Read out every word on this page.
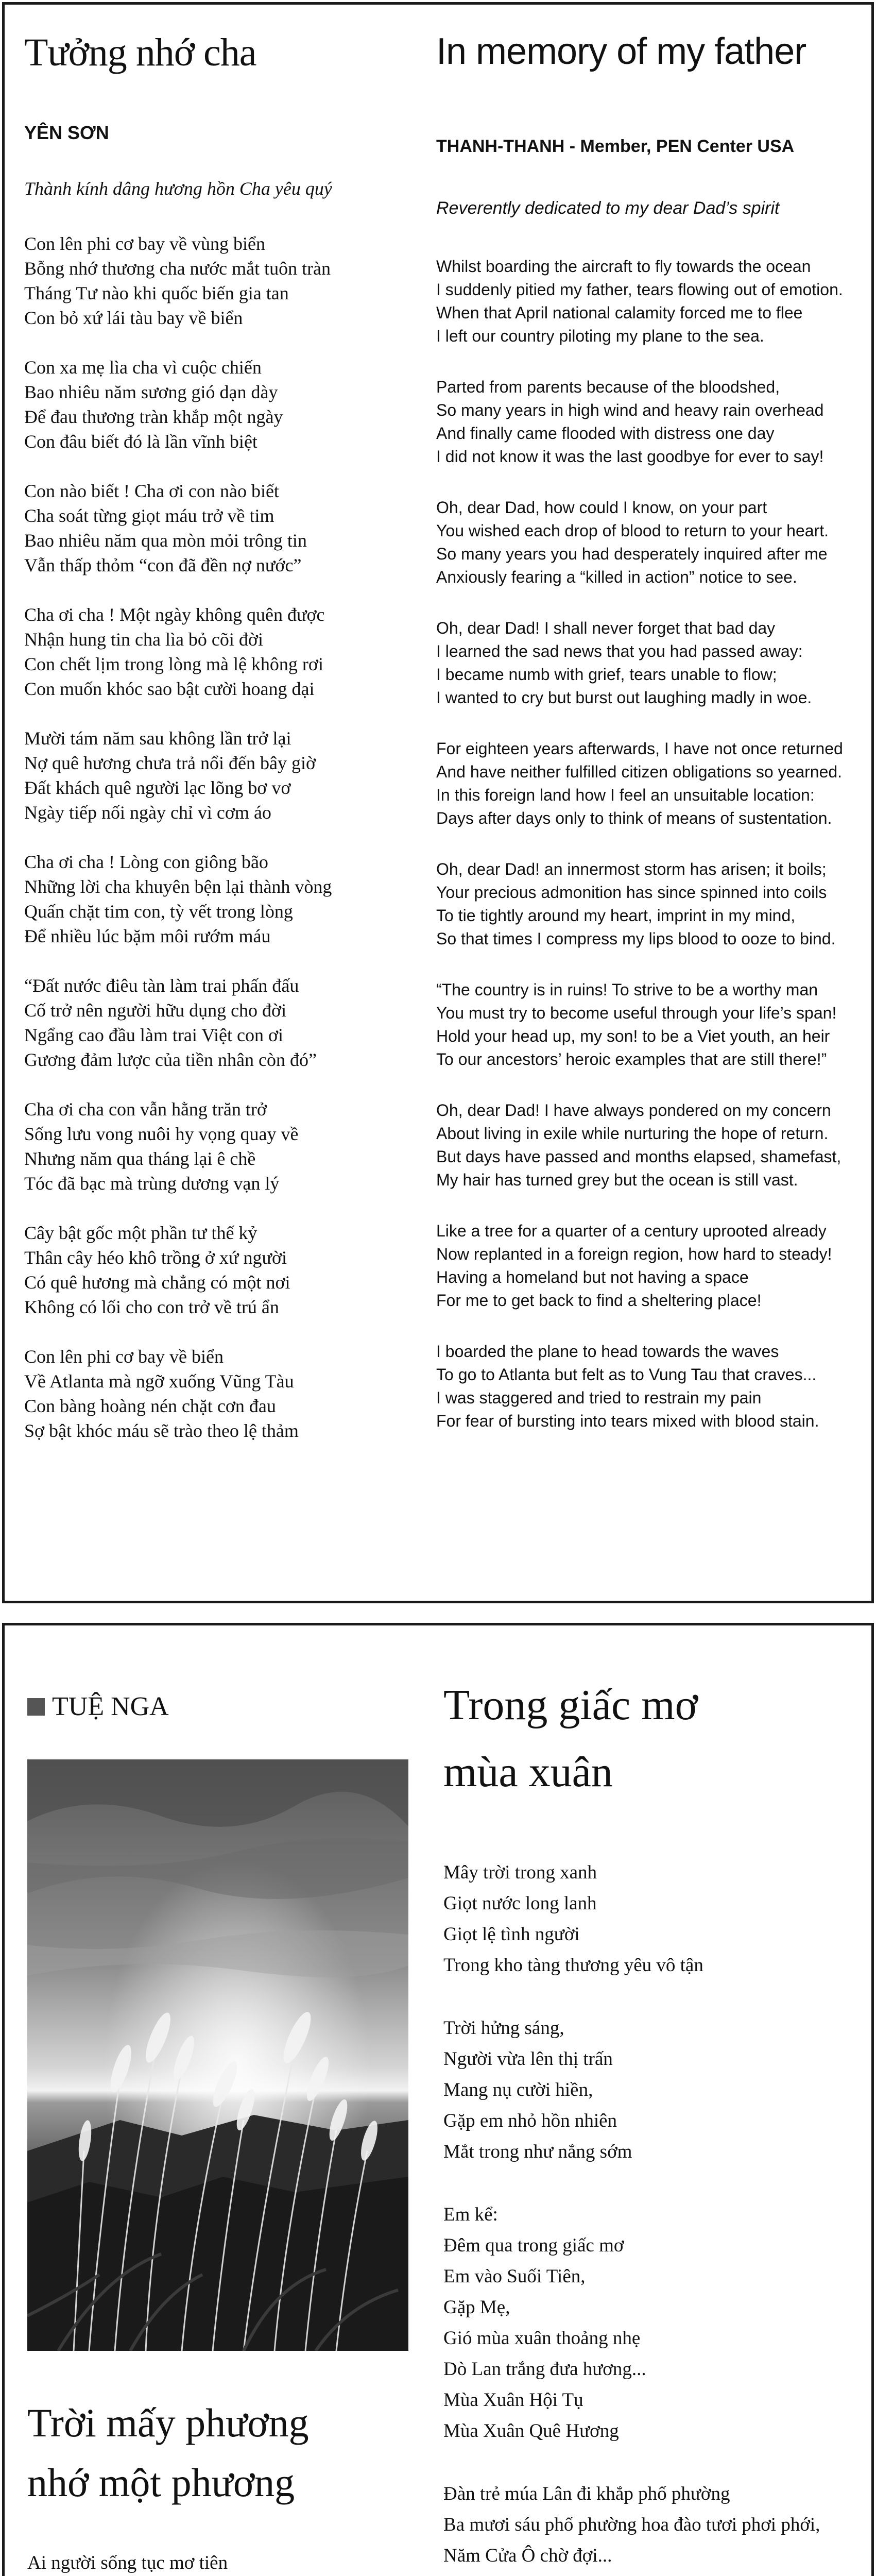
Tưởng nhớ cha
YÊN SƠN
Thành kính dâng hương hồn Cha yêu quý
Con lên phi cơ bay về vùng biển
Bỗng nhớ thương cha nước mắt tuôn tràn
Tháng Tư nào khi quốc biến gia tan
Con bỏ xứ lái tàu bay về biển
Con xa mẹ lìa cha vì cuộc chiến
Bao nhiêu năm sương gió dạn dày
Để đau thương tràn khắp một ngày
Con đâu biết đó là lần vĩnh biệt
Con nào biết ! Cha ơi con nào biết
Cha soát từng giọt máu trở về tim
Bao nhiêu năm qua mòn mỏi trông tin
Vẫn thấp thỏm “con đã đền nợ nước”
Cha ơi cha ! Một ngày không quên được
Nhận hung tin cha lìa bỏ cõi đời
Con chết lịm trong lòng mà lệ không rơi
Con muốn khóc sao bật cười hoang dại
Mười tám năm sau không lần trở lại
Nợ quê hương chưa trả nổi đến bây giờ
Đất khách quê người lạc lõng bơ vơ
Ngày tiếp nối ngày chỉ vì cơm áo
Cha ơi cha ! Lòng con giông bão
Những lời cha khuyên bện lại thành vòng
Quấn chặt tim con, tỳ vết trong lòng
Để nhiều lúc bặm môi rướm máu
“Đất nước điêu tàn làm trai phấn đấu
Cố trở nên người hữu dụng cho đời
Ngẩng cao đầu làm trai Việt con ơi
Gương đảm lược của tiền nhân còn đó”
Cha ơi cha con vẫn hằng trăn trở
Sống lưu vong nuôi hy vọng quay về
Nhưng năm qua tháng lại ê chề
Tóc đã bạc mà trùng dương vạn lý
Cây bật gốc một phần tư thế kỷ
Thân cây héo khô trồng ở xứ người
Có quê hương mà chẳng có một nơi
Không có lối cho con trở về trú ẩn
Con lên phi cơ bay về biển
Về Atlanta mà ngỡ xuống Vũng Tàu
Con bàng hoàng nén chặt cơn đau
Sợ bật khóc máu sẽ trào theo lệ thảm
In memory of my father
THANH-THANH - Member, PEN Center USA
Reverently dedicated to my dear Dad’s spirit
Whilst boarding the aircraft to fly towards the ocean
I suddenly pitied my father, tears flowing out of emotion.
When that April national calamity forced me to flee
I left our country piloting my plane to the sea.
Parted from parents because of the bloodshed,
So many years in high wind and heavy rain overhead
And finally came flooded with distress one day
I did not know it was the last goodbye for ever to say!
Oh, dear Dad, how could I know, on your part
You wished each drop of blood to return to your heart.
So many years you had desperately inquired after me
Anxiously fearing a “killed in action” notice to see.
Oh, dear Dad! I shall never forget that bad day
I learned the sad news that you had passed away:
I became numb with grief, tears unable to flow;
I wanted to cry but burst out laughing madly in woe.
For eighteen years afterwards, I have not once returned
And have neither fulfilled citizen obligations so yearned.
In this foreign land how I feel an unsuitable location:
Days after days only to think of means of sustentation.
Oh, dear Dad! an innermost storm has arisen; it boils;
Your precious admonition has since spinned into coils
To tie tightly around my heart, imprint in my mind,
So that times I compress my lips blood to ooze to bind.
“The country is in ruins! To strive to be a worthy man
You must try to become useful through your life’s span!
Hold your head up, my son! to be a Viet youth, an heir
To our ancestors’ heroic examples that are still there!”
Oh, dear Dad! I have always pondered on my concern
About living in exile while nurturing the hope of return.
But days have passed and months elapsed, shamefast,
My hair has turned grey but the ocean is still vast.
Like a tree for a quarter of a century uprooted already
Now replanted in a foreign region, how hard to steady!
Having a homeland but not having a space
For me to get back to find a sheltering place!
I boarded the plane to head towards the waves
To go to Atlanta but felt as to Vung Tau that craves...
I was staggered and tried to restrain my pain
For fear of bursting into tears mixed with blood stain.
TUỆ NGA
Trời mấy phương
nhớ một phương
Ai người sống tục mơ tiên
Trong giấc mơ
mùa xuân
Mây trời trong xanh
Giọt nước long lanh
Giọt lệ tình người
Trong kho tàng thương yêu vô tận
Trời hửng sáng,
Người vừa lên thị trấn
Mang nụ cười hiền,
Gặp em nhỏ hồn nhiên
Mắt trong như nắng sớm
Em kể:
Đêm qua trong giấc mơ
Em vào Suối Tiên,
Gặp Mẹ,
Gió mùa xuân thoảng nhẹ
Dò Lan trắng đưa hương...
Mùa Xuân Hội Tụ
Mùa Xuân Quê Hương
Đàn trẻ múa Lân đi khắp phố phường
Ba mươi sáu phố phường hoa đào tươi phơi phới,
Năm Cửa Ô chờ đợi...
